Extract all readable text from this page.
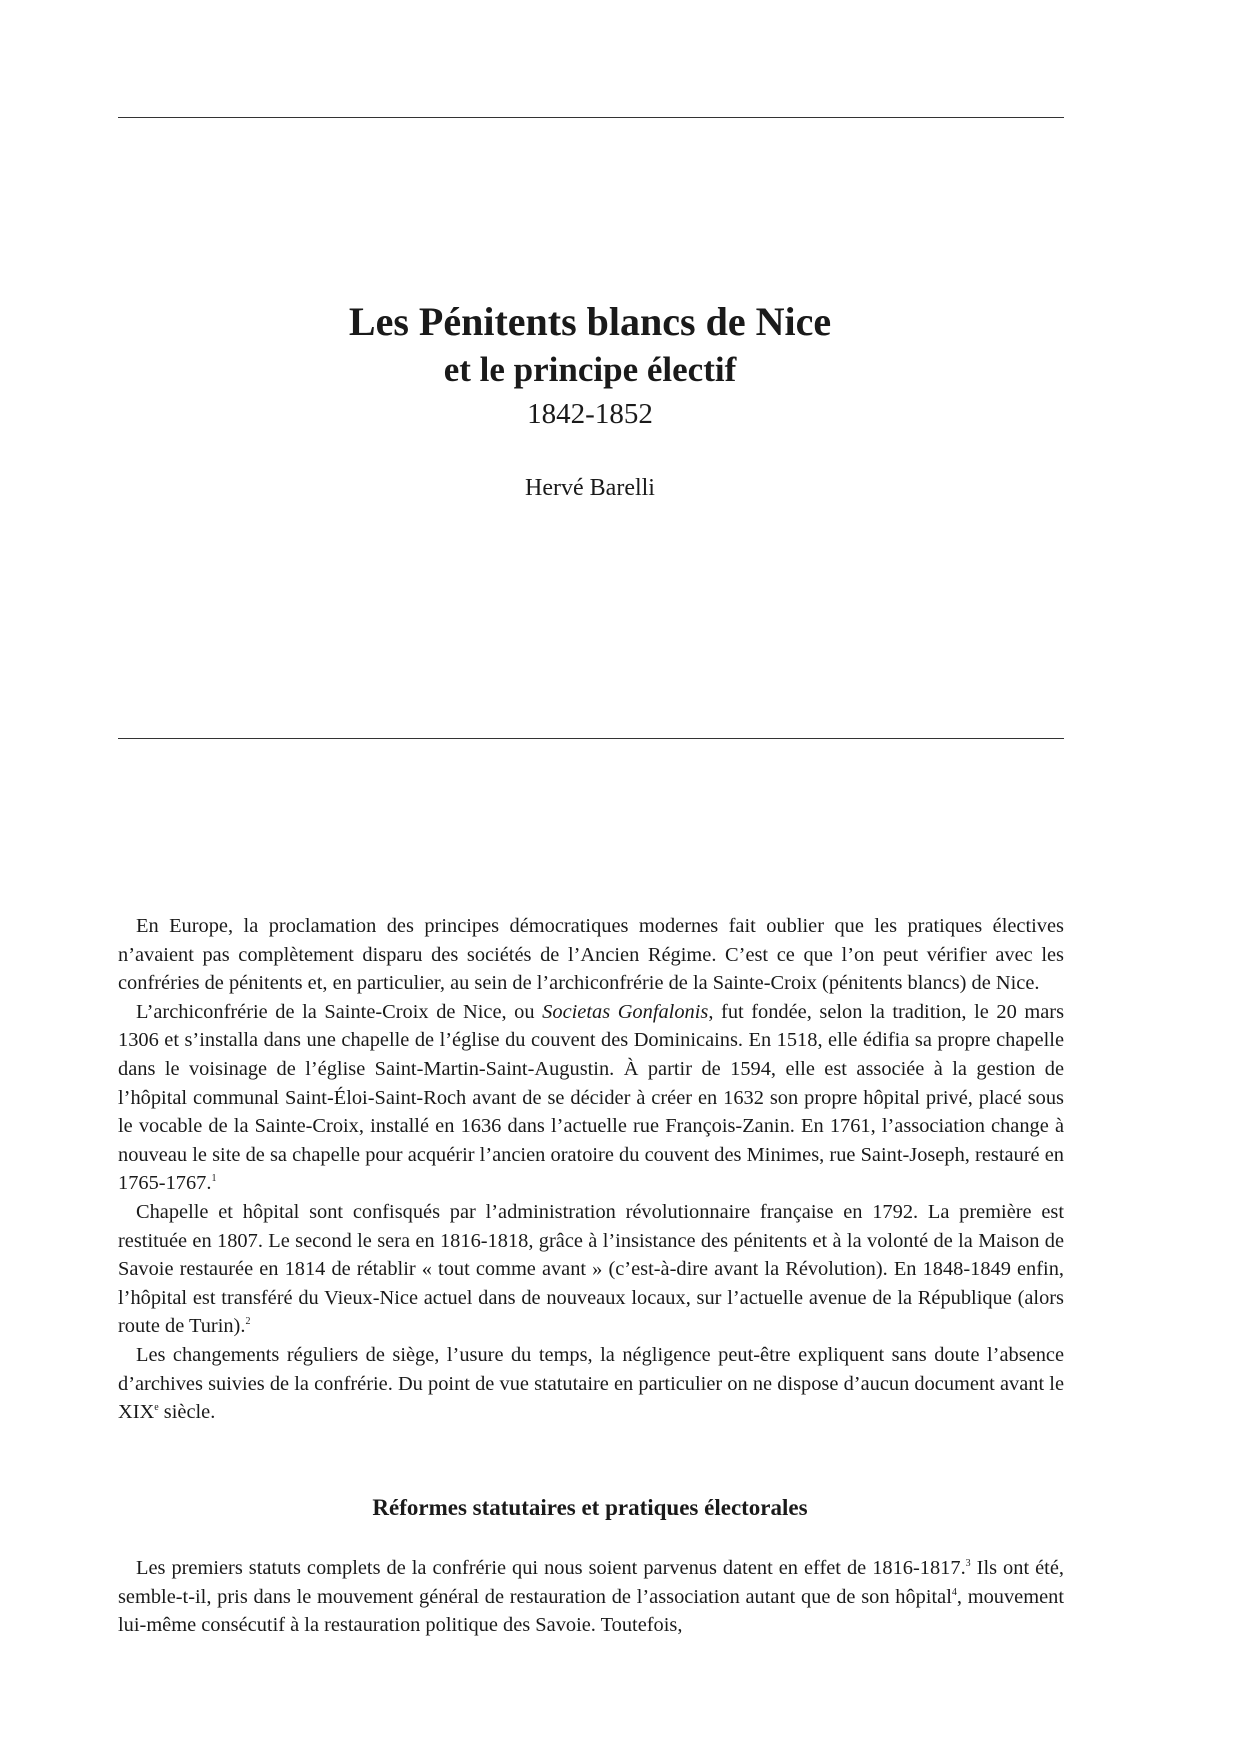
Les Pénitents blancs de Nice
et le principe électif
1842-1852
Hervé Barelli

En Europe, la proclamation des principes démocratiques modernes fait oublier que les pratiques électives n’avaient pas complètement disparu des sociétés de l’Ancien Régime. C’est ce que l’on peut vérifier avec les confréries de pénitents et, en particulier, au sein de l’archiconfrérie de la Sainte-Croix (pénitents blancs) de Nice.

L’archiconfrérie de la Sainte-Croix de Nice, ou Societas Gonfalonis, fut fondée, selon la tradition, le 20 mars 1306 et s’installa dans une chapelle de l’église du couvent des Dominicains. En 1518, elle édifia sa propre chapelle dans le voisinage de l’église Saint-Martin-Saint-Augustin. À partir de 1594, elle est associée à la gestion de l’hôpital communal Saint-Éloi-Saint-Roch avant de se décider à créer en 1632 son propre hôpital privé, placé sous le vocable de la Sainte-Croix, installé en 1636 dans l’actuelle rue François-Zanin. En 1761, l’association change à nouveau le site de sa chapelle pour acquérir l’ancien oratoire du couvent des Minimes, rue Saint-Joseph, restauré en 1765-1767.$^1$

Chapelle et hôpital sont confisqués par l’administration révolutionnaire française en 1792. La première est restituée en 1807. Le second le sera en 1816-1818, grâce à l’insistance des pénitents et à la volonté de la Maison de Savoie restaurée en 1814 de rétablir « tout comme avant » (c’est-à-dire avant la Révolution). En 1848-1849 enfin, l’hôpital est transféré du Vieux-Nice actuel dans de nouveaux locaux, sur l’actuelle avenue de la République (alors route de Turin).$^2$

Les changements réguliers de siège, l’usure du temps, la négligence peut-être expliquent sans doute l’absence d’archives suivies de la confrérie. Du point de vue statutaire en particulier on ne dispose d’aucun document avant le XIXe siècle.

Réformes statutaires et pratiques électorales

Les premiers statuts complets de la confrérie qui nous soient parvenus datent en effet de 1816-1817.$^3$ Ils ont été, semble-t-il, pris dans le mouvement général de restauration de l’association autant que de son hôpital$^4$, mouvement lui-même consécutif à la restauration politique des Savoie. Toutefois,
